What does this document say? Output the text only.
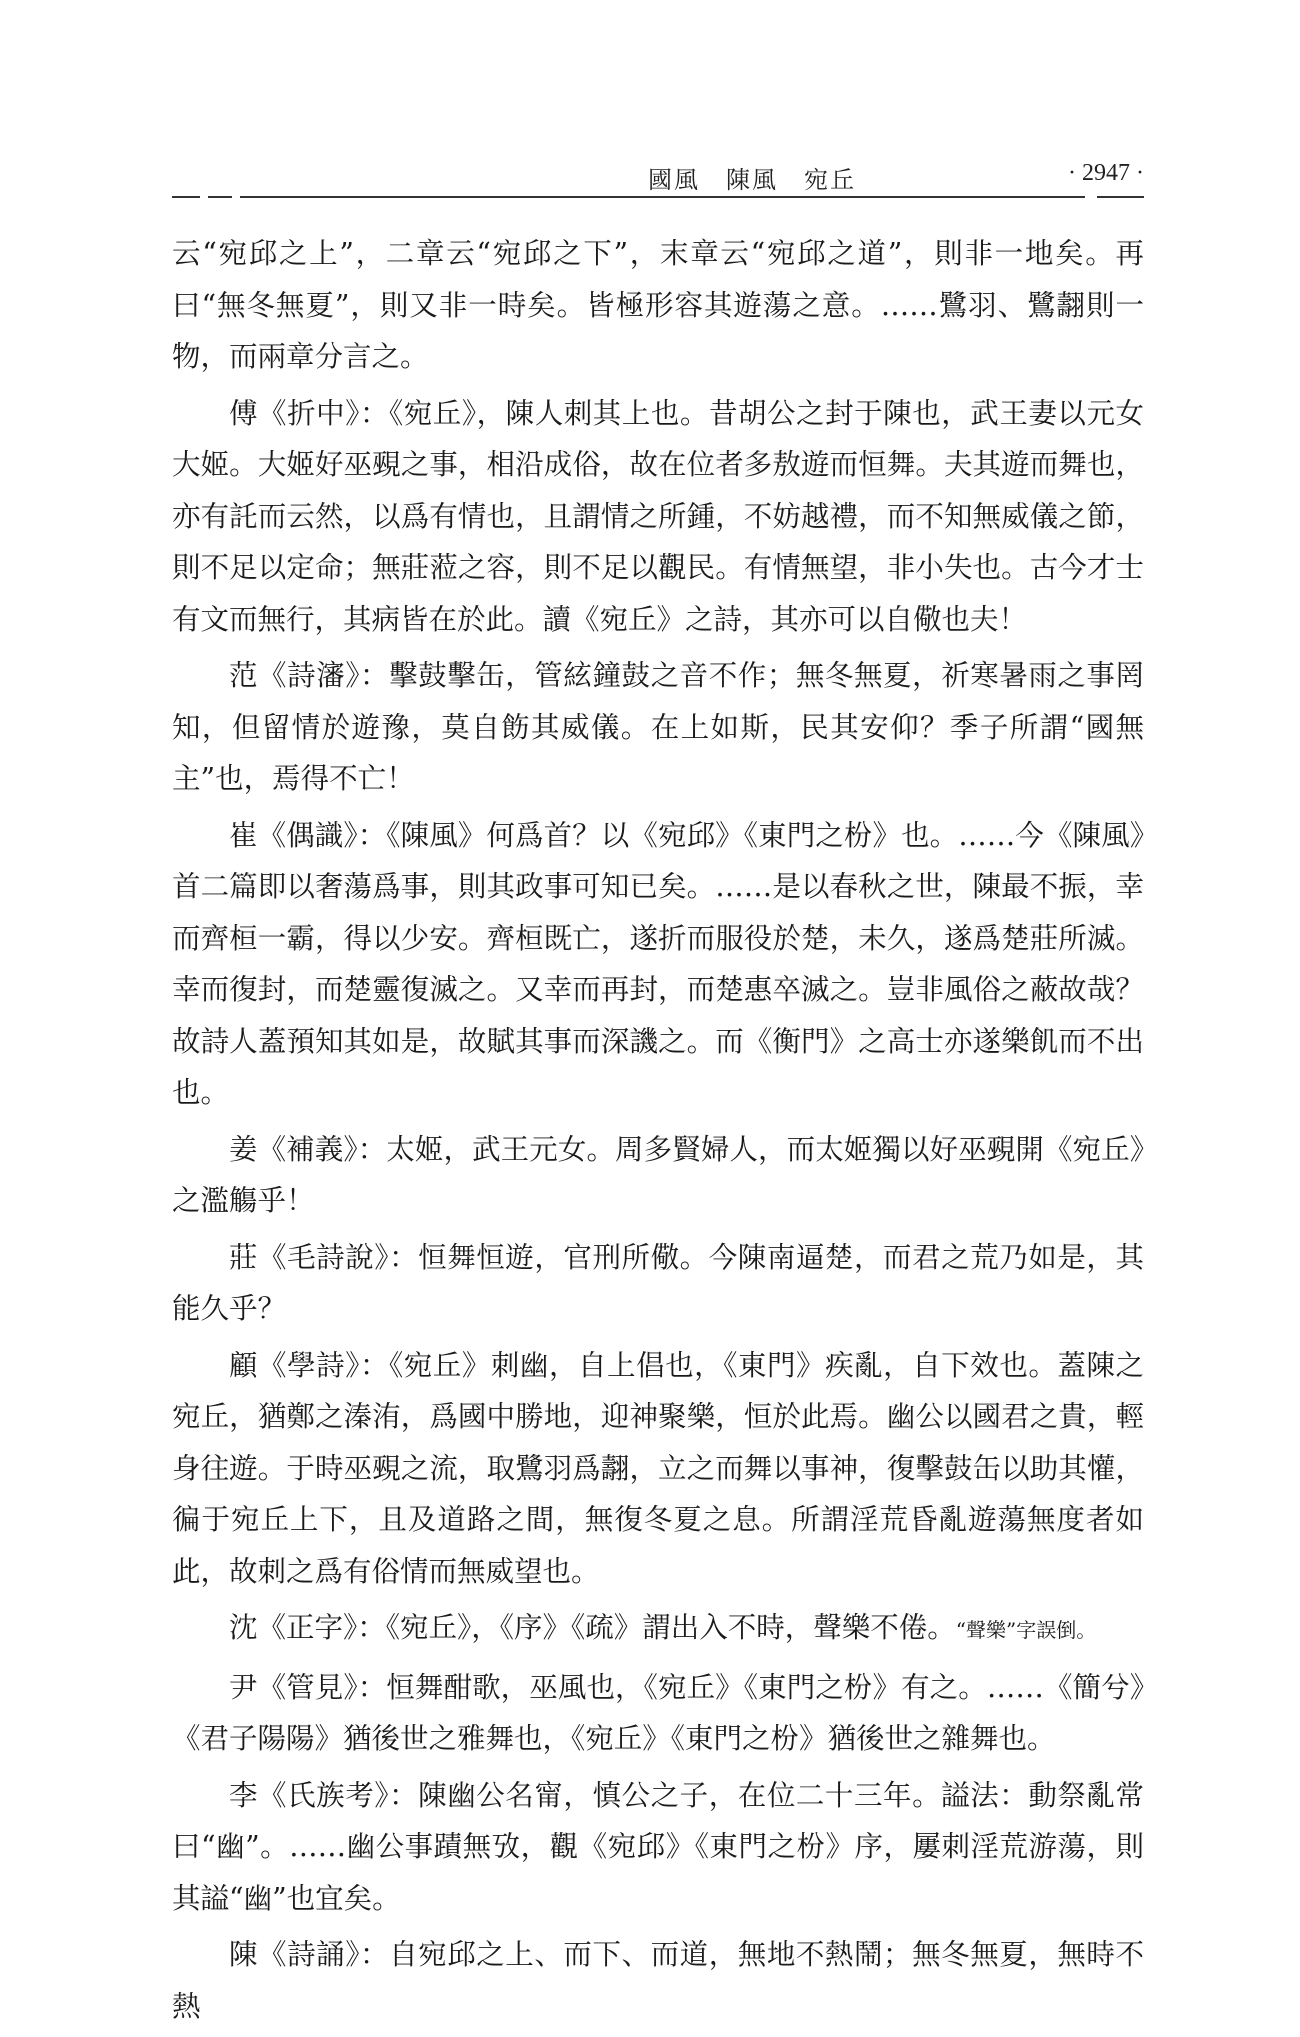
國風　陳風　宛丘	· 2947 ·

云“宛邱之上”，二章云“宛邱之下”，末章云“宛邱之道”，則非一地矣。再曰“無冬無夏”，則又非一時矣。皆極形容其遊蕩之意。……鷺羽、鷺翿則一物，而兩章分言之。

傅《折中》：《宛丘》，陳人刺其上也。昔胡公之封于陳也，武王妻以元女大姬。大姬好巫覡之事，相沿成俗，故在位者多敖遊而恒舞。夫其遊而舞也，亦有託而云然，以爲有情也，且謂情之所鍾，不妨越禮，而不知無威儀之節，則不足以定命；無莊蒞之容，則不足以觀民。有情無望，非小失也。古今才士有文而無行，其病皆在於此。讀《宛丘》之詩，其亦可以自儆也夫！

范《詩瀋》：擊鼓擊缶，管絃鐘鼓之音不作；無冬無夏，祈寒暑雨之事罔知，但留情於遊豫，莫自飭其威儀。在上如斯，民其安仰？季子所謂“國無主”也，焉得不亡！

崔《偶識》：《陳風》何爲首？以《宛邱》《東門之枌》也。……今《陳風》首二篇即以奢蕩爲事，則其政事可知已矣。……是以春秋之世，陳最不振，幸而齊桓一霸，得以少安。齊桓既亡，遂折而服役於楚，未久，遂爲楚莊所滅。幸而復封，而楚靈復滅之。又幸而再封，而楚惠卒滅之。豈非風俗之蔽故哉？故詩人蓋預知其如是，故賦其事而深譏之。而《衡門》之高士亦遂樂飢而不出也。

姜《補義》：太姬，武王元女。周多賢婦人，而太姬獨以好巫覡開《宛丘》之濫觴乎！

莊《毛詩說》：恒舞恒遊，官刑所儆。今陳南逼楚，而君之荒乃如是，其能久乎？

顧《學詩》：《宛丘》刺幽，自上倡也，《東門》疾亂，自下效也。蓋陳之宛丘，猶鄭之溱洧，爲國中勝地，迎神聚樂，恒於此焉。幽公以國君之貴，輕身往遊。于時巫覡之流，取鷺羽爲翿，立之而舞以事神，復擊鼓缶以助其懽，徧于宛丘上下，且及道路之間，無復冬夏之息。所謂淫荒昏亂遊蕩無度者如此，故刺之爲有俗情而無威望也。

沈《正字》：《宛丘》，《序》《疏》謂出入不時，聲樂不倦。“聲樂”字誤倒。

尹《管見》：恒舞酣歌，巫風也，《宛丘》《東門之枌》有之。……《簡兮》《君子陽陽》猶後世之雅舞也，《宛丘》《東門之枌》猶後世之雜舞也。

李《氏族考》：陳幽公名甯，慎公之子，在位二十三年。謚法：動祭亂常曰“幽”。……幽公事蹟無攷，觀《宛邱》《東門之枌》序，屢刺淫荒游蕩，則其謚“幽”也宜矣。

陳《詩誦》：自宛邱之上、而下、而道，無地不熱鬧；無冬無夏，無時不熱
